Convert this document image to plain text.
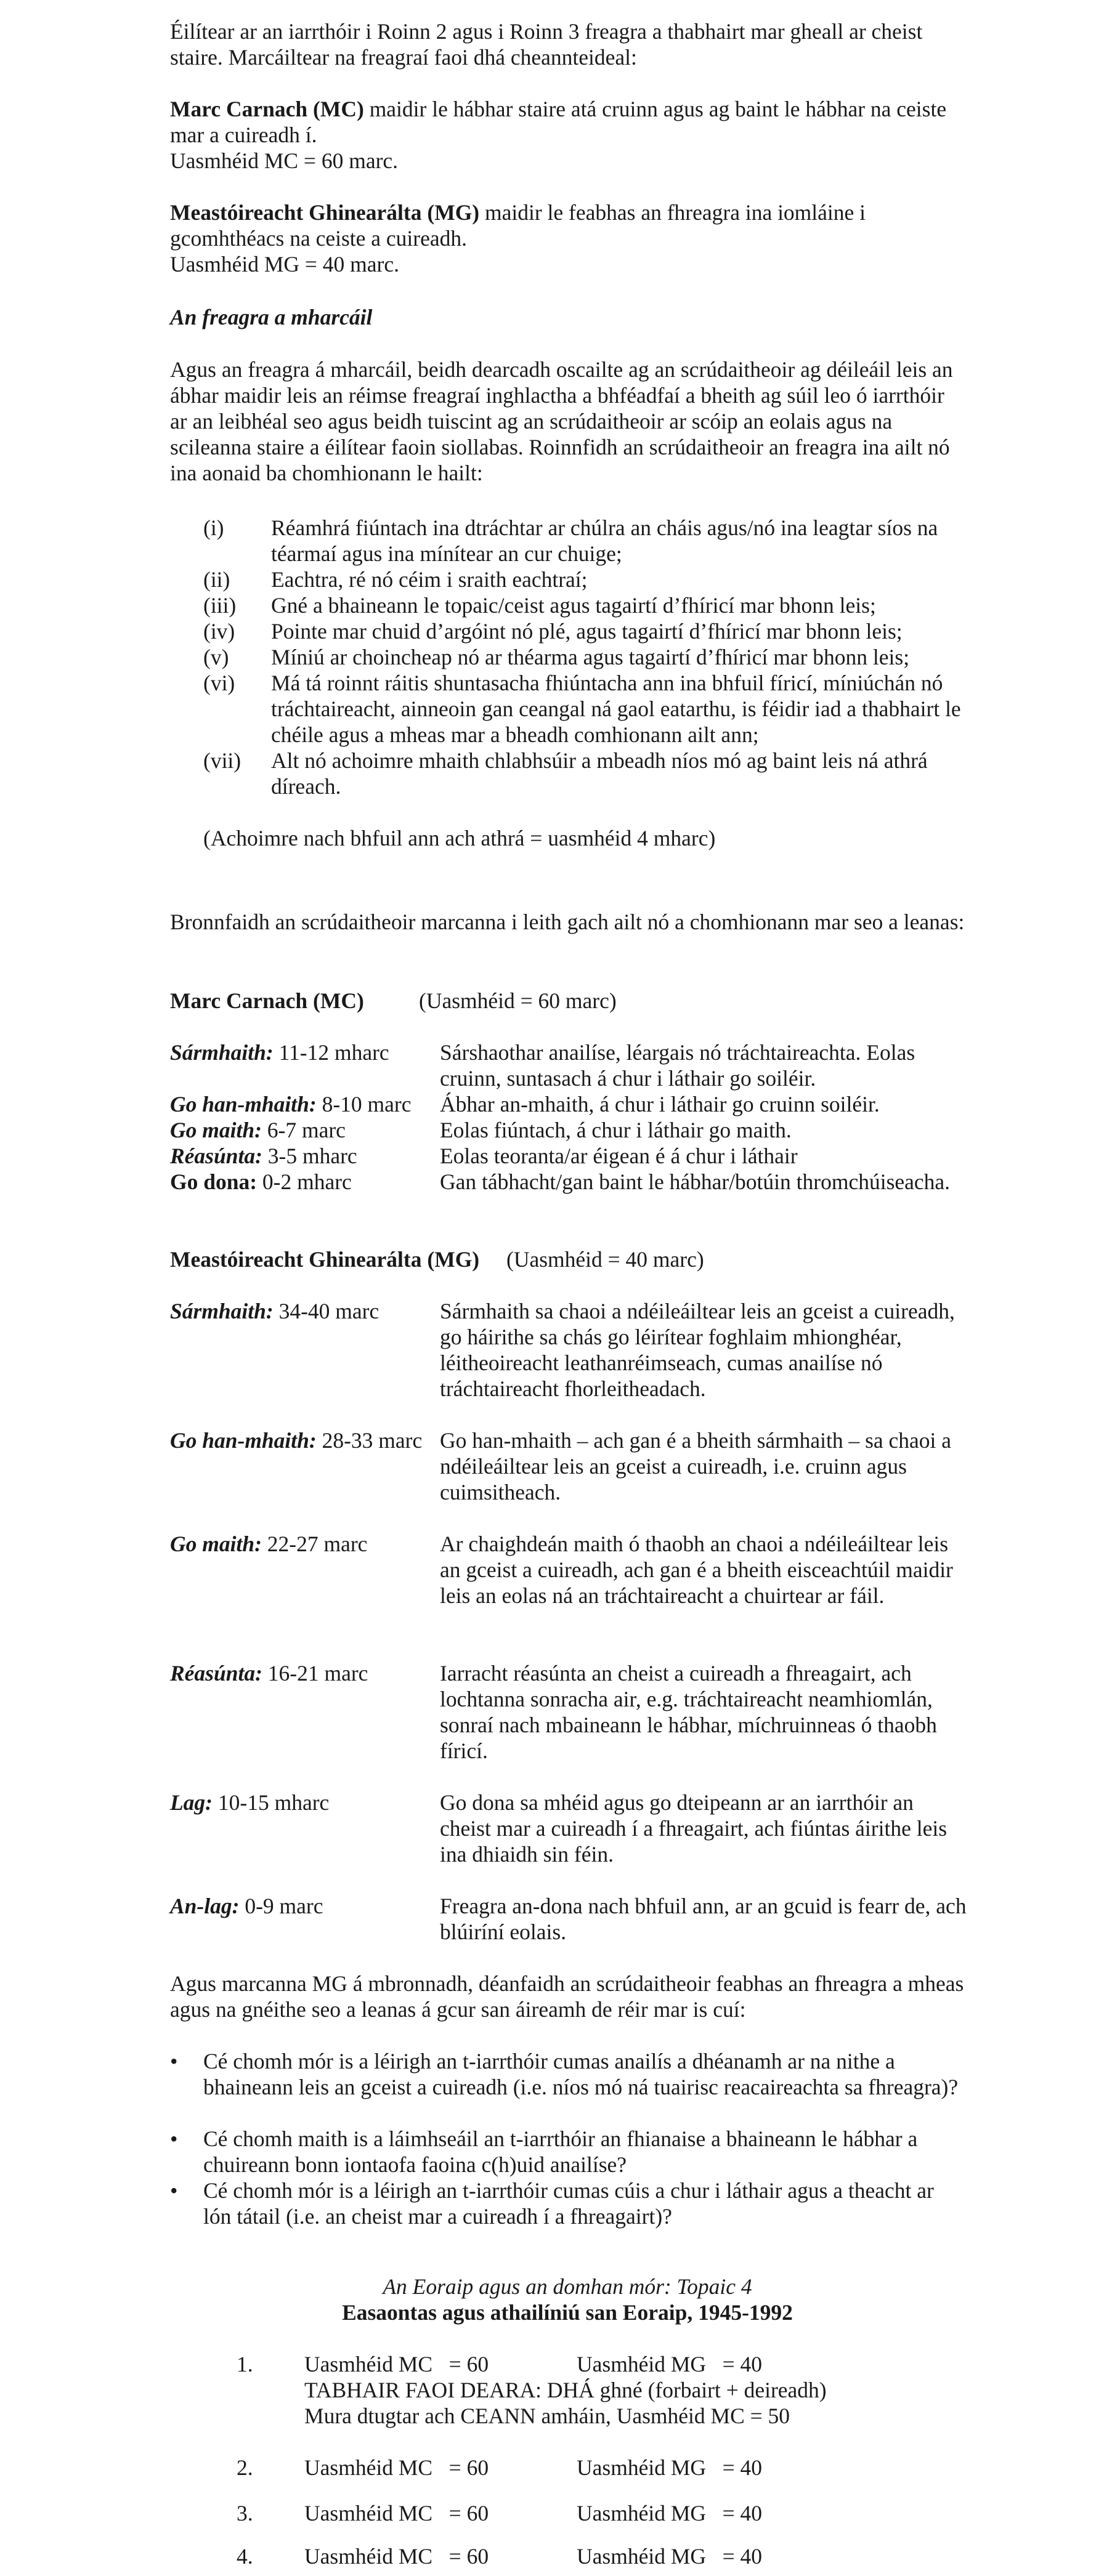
Éilítear ar an iarrthóir i Roinn 2 agus i Roinn 3 freagra a thabhairt mar gheall ar cheist staire. Marcáiltear na freagraí faoi dhá cheannteideal:

Marc Carnach (MC) maidir le hábhar staire atá cruinn agus ag baint le hábhar na ceiste mar a cuireadh í.

Uasmhéid MC = 60 marc.

Meastóireacht Ghinearálta (MG) maidir le feabhas an fhreagra ina iomláine i gcomhthéacs na ceiste a cuireadh.

Uasmhéid MG = 40 marc.

An freagra a mharcáil

Agus an freagra á mharcáil, beidh dearcadh oscailte ag an scrúdaitheoir ag déileáil leis an ábhar maidir leis an réimse freagraí inghlactha a bhféadfaí a bheith ag súil leo ó iarrthóir ar an leibhéal seo agus beidh tuiscint ag an scrúdaitheoir ar scóip an eolais agus na scileanna staire a éilítear faoin siollabas. Roinnfidh an scrúdaitheoir an freagra ina ailt nó ina aonaid ba chomhionann le hailt:

(i)	Réamhrá fiúntach ina dtráchtar ar chúlra an cháis agus/nó ina leagtar síos na téarmaí agus ina mínítear an cur chuige;
(ii)	Eachtra, ré nó céim i sraith eachtraí;
(iii)	Gné a bhaineann le topaic/ceist agus tagairtí d’fhíricí mar bhonn leis;
(iv)	Pointe mar chuid d’argóint nó plé, agus tagairtí d’fhíricí mar bhonn leis;
(v)	Míniú ar choincheap nó ar théarma agus tagairtí d’fhíricí mar bhonn leis;
(vi)	Má tá roinnt ráitis shuntasacha fhiúntacha ann ina bhfuil fíricí, míniúchán nó tráchtaireacht, ainneoin gan ceangal ná gaol eatarthu, is féidir iad a thabhairt le chéile agus a mheas mar a bheadh comhionann ailt ann;
(vii)	Alt nó achoimre mhaith chlabhsúir a mbeadh níos mó ag baint leis ná athrá díreach.

(Achoimre nach bhfuil ann ach athrá = uasmhéid 4 mharc)

Bronnfaidh an scrúdaitheoir marcanna i leith gach ailt nó a chomhionann mar seo a leanas:

Marc Carnach (MC)	(Uasmhéid = 60 marc)
Sármhaith: 11-12 mharc	Sárshaothar anailíse, léargais nó tráchtaireachta. Eolas cruinn, suntasach á chur i láthair go soiléir.
Go han-mhaith: 8-10 marc	Ábhar an-mhaith, á chur i láthair go cruinn soiléir.
Go maith: 6-7 marc	Eolas fiúntach, á chur i láthair go maith.
Réasúnta: 3-5 mharc	Eolas teoranta/ar éigean é á chur i láthair
Go dona: 0-2 mharc	Gan tábhacht/gan baint le hábhar/botúin thromchúiseacha.
Meastóireacht Ghinearálta (MG) (Uasmhéid = 40 marc)
Sármhaith: 34-40 marc	Sármhaith sa chaoi a ndéileáiltear leis an gceist a cuireadh, go háirithe sa chás go léirítear foghlaim mhionghéar, léitheoireacht leathanréimseach, cumas anailíse nó tráchtaireacht fhorleitheadach.
Go han-mhaith: 28-33 marc Go han-mhaith – ach gan é a bheith sármhaith – sa chaoi a ndéileáiltear leis an gceist a cuireadh, i.e. cruinn agus cuimsitheach.
Go maith: 22-27 marc	Ar chaighdeán maith ó thaobh an chaoi a ndéileáiltear leis an gceist a cuireadh, ach gan é a bheith eisceachtúil maidir leis an eolas ná an tráchtaireacht a chuirtear ar fáil.
Réasúnta: 16-21 marc	Iarracht réasúnta an cheist a cuireadh a fhreagairt, ach lochtanna sonracha air, e.g. tráchtaireacht neamhiomlán, sonraí nach mbaineann le hábhar, míchruinneas ó thaobh fíricí.
Lag: 10-15 mharc	Go dona sa mhéid agus go dteipeann ar an iarrthóir an cheist mar a cuireadh í a fhreagairt, ach fiúntas áirithe leis ina dhiaidh sin féin.
An-lag: 0-9 marc	Freagra an-dona nach bhfuil ann, ar an gcuid is fearr de, ach blúiríní eolais.

Agus marcanna MG á mbronnadh, déanfaidh an scrúdaitheoir feabhas an fhreagra a mheas agus na gnéithe seo a leanas á gcur san áireamh de réir mar is cuí:

•	Cé chomh mór is a léirigh an t-iarrthóir cumas anailís a dhéanamh ar na nithe a bhaineann leis an gceist a cuireadh (i.e. níos mó ná tuairisc reacaireachta sa fhreagra)?
•	Cé chomh maith is a láimhseáil an t-iarrthóir an fhianaise a bhaineann le hábhar a chuireann bonn iontaofa faoina c(h)uid anailíse?
•	Cé chomh mór is a léirigh an t-iarrthóir cumas cúis a chur i láthair agus a theacht ar lón tátail (i.e. an cheist mar a cuireadh í a fhreagairt)?

An Eoraip agus an domhan mór: Topaic 4

Easaontas agus athailíniú san Eoraip, 1945-1992

1.	Uasmhéid MC   = 60	Uasmhéid MG   = 40
TABHAIR FAOI DEARA: DHÁ ghné (forbairt + deireadh)
Mura dtugtar ach CEANN amháin, Uasmhéid MC = 50
2.	Uasmhéid MC   = 60	Uasmhéid MG   = 40
3.	Uasmhéid MC   = 60	Uasmhéid MG   = 40
4.	Uasmhéid MC   = 60	Uasmhéid MG   = 40
